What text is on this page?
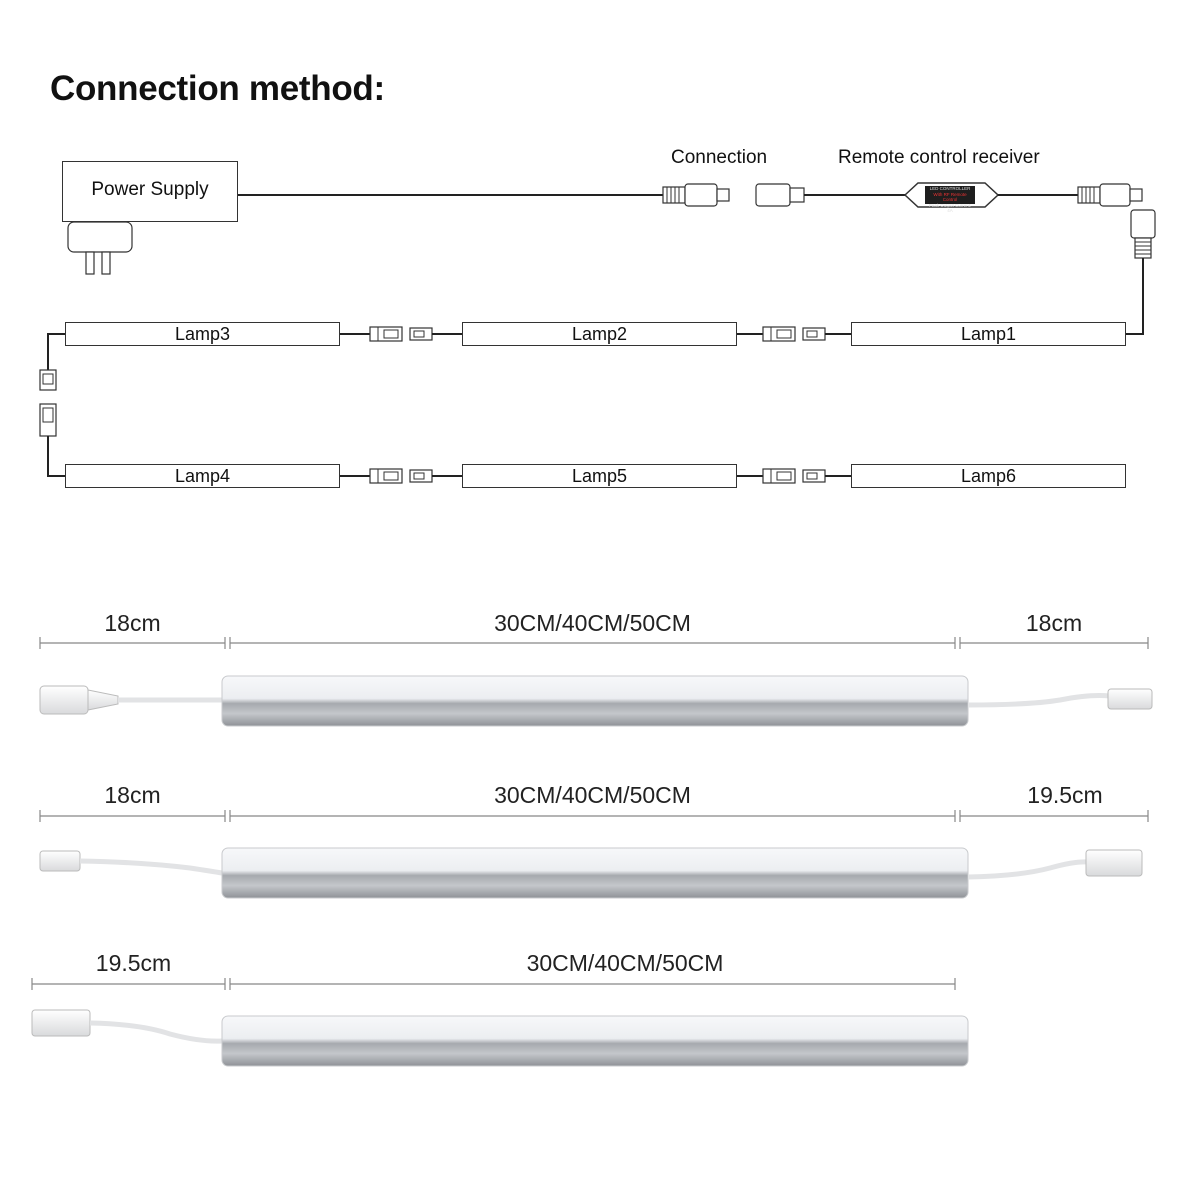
Connection method:
Power Supply
Connection	Remote control receiver
LED CONTROLLER
With RF Remote Control
Peak Output Current: 4A
Lamp3	Lamp2	Lamp1
Lamp4	Lamp5	Lamp6
18cm	30CM/40CM/50CM	18cm
18cm	30CM/40CM/50CM	19.5cm
19.5cm	30CM/40CM/50CM
